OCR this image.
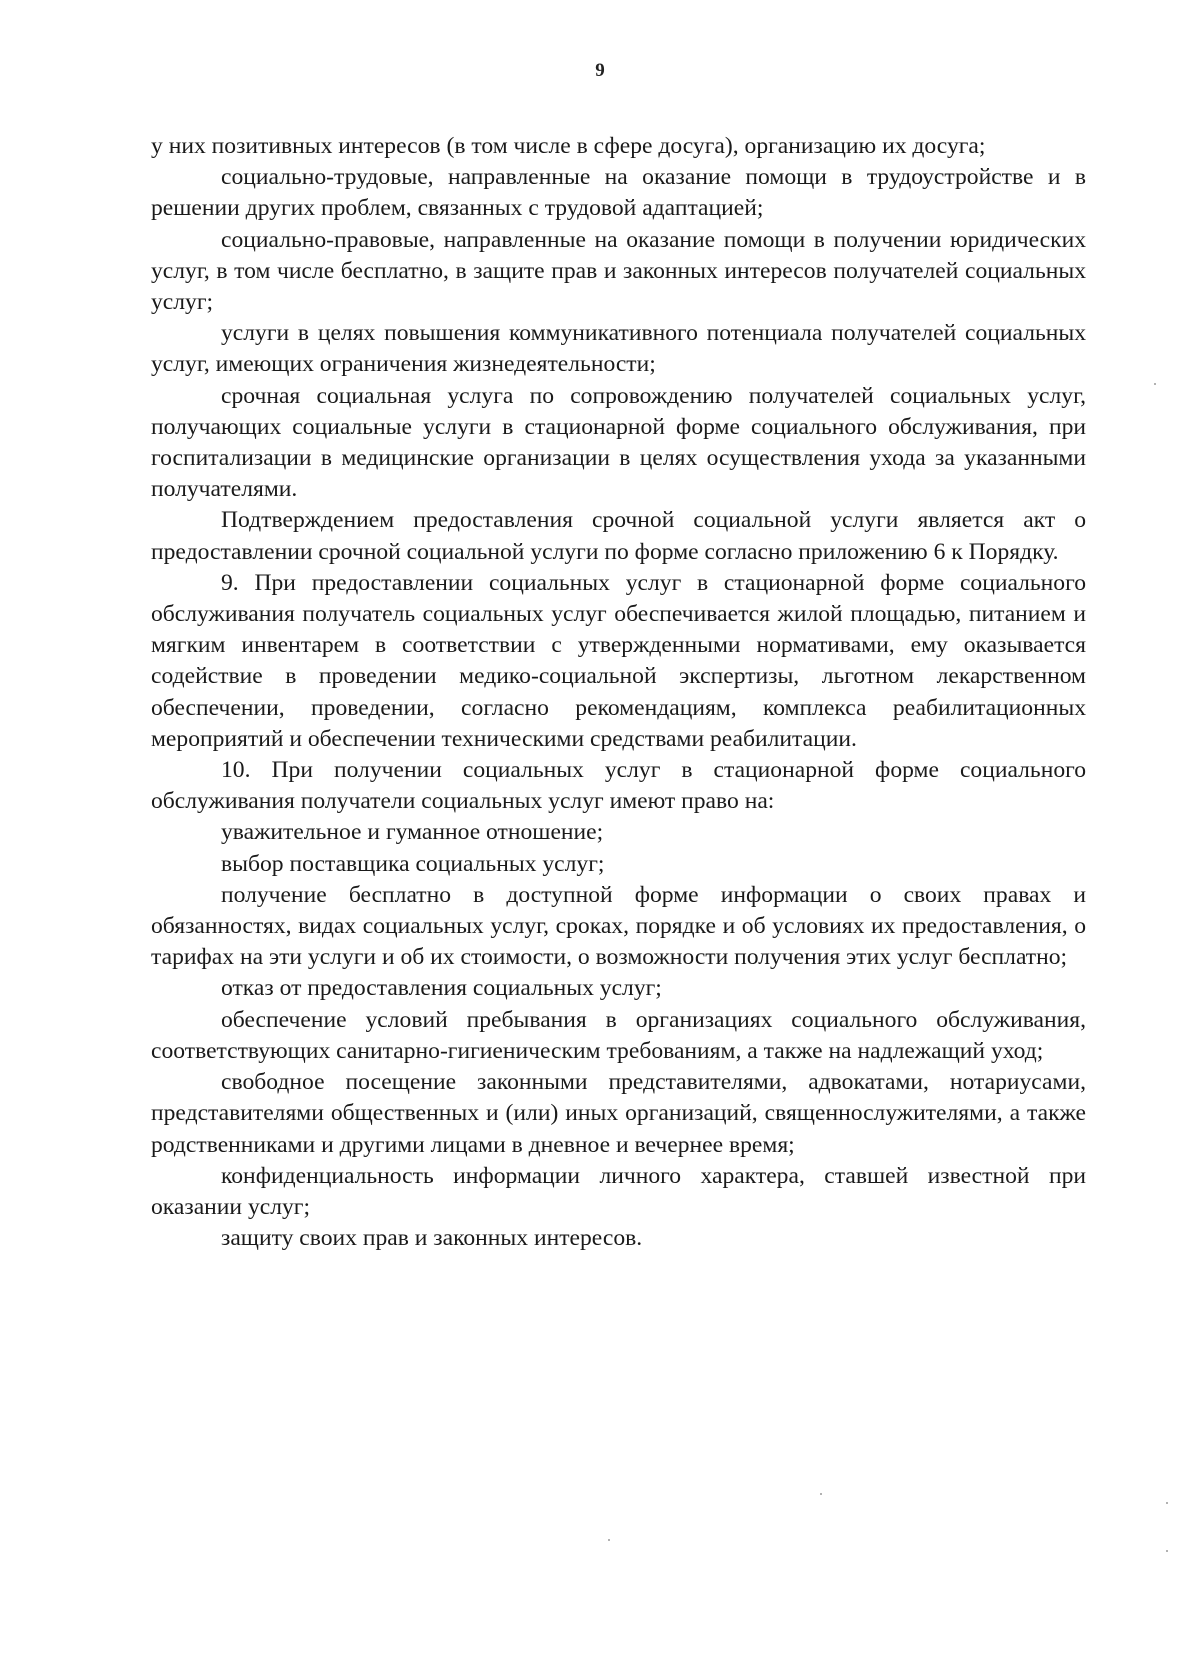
9

у них позитивных интересов (в том числе в сфере досуга), организацию их досуга;

социально-трудовые, направленные на оказание помощи в трудоустройстве и в решении других проблем, связанных с трудовой адаптацией;

социально-правовые, направленные на оказание помощи в получении юридических услуг, в том числе бесплатно, в защите прав и законных интересов получателей социальных услуг;

услуги в целях повышения коммуникативного потенциала получателей социальных услуг, имеющих ограничения жизнедеятельности;

срочная социальная услуга по сопровождению получателей социальных услуг, получающих социальные услуги в стационарной форме социального обслуживания, при госпитализации в медицинские организации в целях осуществления ухода за указанными получателями.

Подтверждением предоставления срочной социальной услуги является акт о предоставлении срочной социальной услуги по форме согласно приложению 6 к Порядку.

9. При предоставлении социальных услуг в стационарной форме социального обслуживания получатель социальных услуг обеспечивается жилой площадью, питанием и мягким инвентарем в соответствии с утвержденными нормативами, ему оказывается содействие в проведении медико-социальной экспертизы, льготном лекарственном обеспечении, проведении, согласно рекомендациям, комплекса реабилитационных мероприятий и обеспечении техническими средствами реабилитации.

10. При получении социальных услуг в стационарной форме социального обслуживания получатели социальных услуг имеют право на:

уважительное и гуманное отношение;

выбор поставщика социальных услуг;

получение бесплатно в доступной форме информации о своих правах и обязанностях, видах социальных услуг, сроках, порядке и об условиях их предоставления, о тарифах на эти услуги и об их стоимости, о возможности получения этих услуг бесплатно;

отказ от предоставления социальных услуг;

обеспечение условий пребывания в организациях социального обслуживания, соответствующих санитарно-гигиеническим требованиям, а также на надлежащий уход;

свободное посещение законными представителями, адвокатами, нотариусами, представителями общественных и (или) иных организаций, священнослужителями, а также родственниками и другими лицами в дневное и вечернее время;

конфиденциальность информации личного характера, ставшей известной при оказании услуг;

защиту своих прав и законных интересов.
